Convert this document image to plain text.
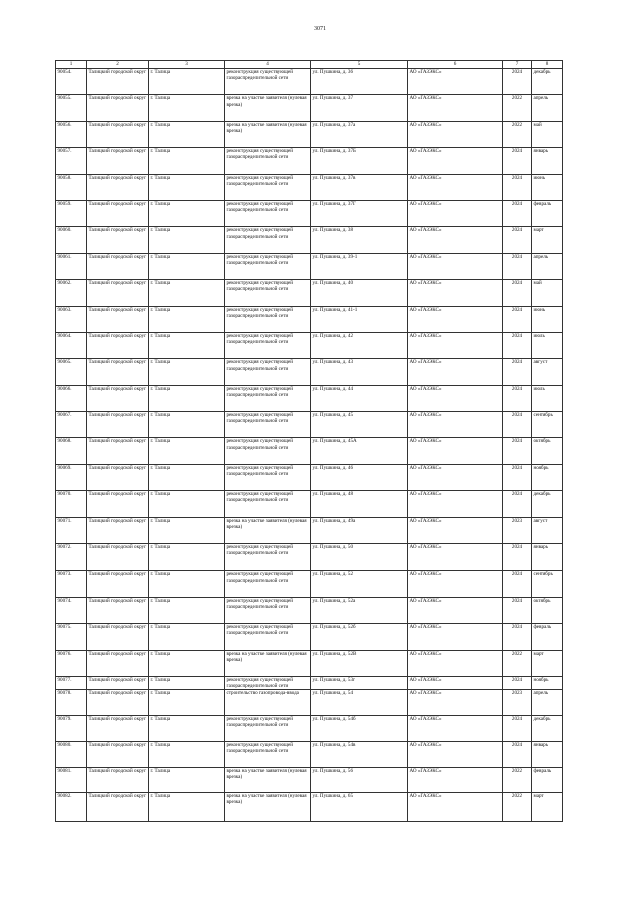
3071
1	2	3	4	5	6	7	8
90054.	Талицкий городской округ	г. Талица	реконструкция существующей газораспределительной сети	ул. Пушкина, д. 36	АО «ГАЗЭКС»	2024	декабрь
90055.	Талицкий городской округ	г. Талица	врезка на участке заявителя (нулевая врезка)	ул. Пушкина, д. 37	АО «ГАЗЭКС»	2022	апрель
90056.	Талицкий городской округ	г. Талица	врезка на участке заявителя (нулевая врезка)	ул. Пушкина, д. 37а	АО «ГАЗЭКС»	2022	май
90057.	Талицкий городской округ	г. Талица	реконструкция существующей газораспределительной сети	ул. Пушкина, д. 37Б	АО «ГАЗЭКС»	2024	январь
90058.	Талицкий городской округ	г. Талица	реконструкция существующей газораспределительной сети	ул. Пушкина, д. 37в	АО «ГАЗЭКС»	2024	июнь
90059.	Талицкий городской округ	г. Талица	реконструкция существующей газораспределительной сети	ул. Пушкина, д. 37Г	АО «ГАЗЭКС»	2024	февраль
90060.	Талицкий городской округ	г. Талица	реконструкция существующей газораспределительной сети	ул. Пушкина, д. 38	АО «ГАЗЭКС»	2024	март
90061.	Талицкий городской округ	г. Талица	реконструкция существующей газораспределительной сети	ул. Пушкина, д. 39-1	АО «ГАЗЭКС»	2024	апрель
90062.	Талицкий городской округ	г. Талица	реконструкция существующей газораспределительной сети	ул. Пушкина, д. 40	АО «ГАЗЭКС»	2024	май
90063.	Талицкий городской округ	г. Талица	реконструкция существующей газораспределительной сети	ул. Пушкина, д. 41-1	АО «ГАЗЭКС»	2024	июнь
90064.	Талицкий городской округ	г. Талица	реконструкция существующей газораспределительной сети	ул. Пушкина, д. 42	АО «ГАЗЭКС»	2024	июль
90065.	Талицкий городской округ	г. Талица	реконструкция существующей газораспределительной сети	ул. Пушкина, д. 43	АО «ГАЗЭКС»	2024	август
90066.	Талицкий городской округ	г. Талица	реконструкция существующей газораспределительной сети	ул. Пушкина, д. 44	АО «ГАЗЭКС»	2024	июль
90067.	Талицкий городской округ	г. Талица	реконструкция существующей газораспределительной сети	ул. Пушкина, д. 45	АО «ГАЗЭКС»	2024	сентябрь
90068.	Талицкий городской округ	г. Талица	реконструкция существующей газораспределительной сети	ул. Пушкина, д. 45А	АО «ГАЗЭКС»	2024	октябрь
90069.	Талицкий городской округ	г. Талица	реконструкция существующей газораспределительной сети	ул. Пушкина, д. 46	АО «ГАЗЭКС»	2024	ноябрь
90070.	Талицкий городской округ	г. Талица	реконструкция существующей газораспределительной сети	ул. Пушкина, д. 48	АО «ГАЗЭКС»	2024	декабрь
90071.	Талицкий городской округ	г. Талица	врезка на участке заявителя (нулевая врезка)	ул. Пушкина, д. 49а	АО «ГАЗЭКС»	2023	август
90072.	Талицкий городской округ	г. Талица	реконструкция существующей газораспределительной сети	ул. Пушкина, д. 50	АО «ГАЗЭКС»	2024	январь
90073.	Талицкий городской округ	г. Талица	реконструкция существующей газораспределительной сети	ул. Пушкина, д. 52	АО «ГАЗЭКС»	2024	сентябрь
90074.	Талицкий городской округ	г. Талица	реконструкция существующей газораспределительной сети	ул. Пушкина, д. 52а	АО «ГАЗЭКС»	2024	октябрь
90075.	Талицкий городской округ	г. Талица	реконструкция существующей газораспределительной сети	ул. Пушкина, д. 52б	АО «ГАЗЭКС»	2024	февраль
90076.	Талицкий городской округ	г. Талица	врезка на участке заявителя (нулевая врезка)	ул. Пушкина, д. 52В	АО «ГАЗЭКС»	2022	март
90077.	Талицкий городской округ	г. Талица	реконструкция существующей газораспределительной сети	ул. Пушкина, д. 53г	АО «ГАЗЭКС»	2024	ноябрь
90078.	Талицкий городской округ	г. Талица	строительство газопровода-ввода	ул. Пушкина, д. 54	АО «ГАЗЭКС»	2023	апрель
90079.	Талицкий городской округ	г. Талица	реконструкция существующей газораспределительной сети	ул. Пушкина, д. 54б	АО «ГАЗЭКС»	2024	декабрь
90080.	Талицкий городской округ	г. Талица	реконструкция существующей газораспределительной сети	ул. Пушкина, д. 54в	АО «ГАЗЭКС»	2024	январь
90081.	Талицкий городской округ	г. Талица	врезка на участке заявителя (нулевая врезка)	ул. Пушкина, д. 56	АО «ГАЗЭКС»	2022	февраль
90082.	Талицкий городской округ	г. Талица	врезка на участке заявителя (нулевая врезка)	ул. Пушкина, д. 65	АО «ГАЗЭКС»	2022	март
